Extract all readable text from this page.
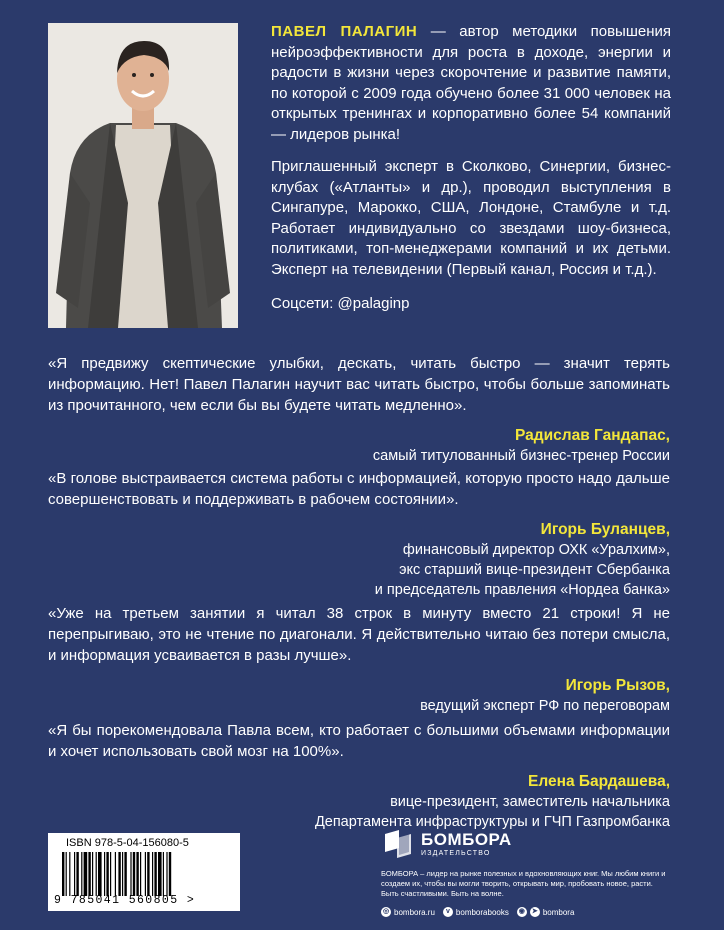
ПАВЕЛ ПАЛАГИН — автор методики повышения нейроэффективности для роста в доходе, энергии и радости в жизни через скорочтение и развитие памяти, по которой с 2009 года обучено более 31 000 человек на открытых тренингах и корпоративно более 54 компаний — лидеров рынка!

Приглашенный эксперт в Сколково, Синергии, бизнес-клубах («Атланты» и др.), проводил выступления в Сингапуре, Марокко, США, Лондоне, Стамбуле и т.д. Работает индивидуально со звездами шоу-бизнеса, политиками, топ-менеджерами компаний и их детьми. Эксперт на телевидении (Первый канал, Россия и т.д.).

Соцсети: @palaginp

«Я предвижу скептические улыбки, дескать, читать быстро — значит терять информацию. Нет! Павел Палагин научит вас читать быстро, чтобы больше запоминать из прочитанного, чем если бы вы будете читать медленно».

Радислав Гандапас,

самый титулованный бизнес-тренер России

«В голове выстраивается система работы с информацией, которую просто надо дальше совершенствовать и поддерживать в рабочем состоянии».

Игорь Буланцев,

финансовый директор ОХК «Уралхим»,

экс старший вице-президент Сбербанка

и председатель правления «Нордеа банка»

«Уже на третьем занятии я читал 38 строк в минуту вместо 21 строки! Я не перепрыгиваю, это не чтение по диагонали. Я действительно читаю без потери смысла, и информация усваивается в разы лучше».

Игорь Рызов,

ведущий эксперт РФ по переговорам

«Я бы порекомендовала Павла всем, кто работает с большими объемами информации и хочет использовать свой мозг на 100%».

Елена Бардашева,

вице-президент, заместитель начальника

Департамента инфраструктуры и ГЧП Газпромбанка

ISBN 978-5-04-156080-5
9 785041 560805 >
БОМБОРА
ИЗДАТЕЛЬСТВО
БОМБОРА – лидер на рынке полезных и вдохновляющих книг. Мы любим книги и создаем их, чтобы вы могли творить, открывать мир, пробовать новое, расти. Быть счастливыми. Быть на волне.
◎ bombora.ru	v bomborabooks ◉ ➤ bombora
